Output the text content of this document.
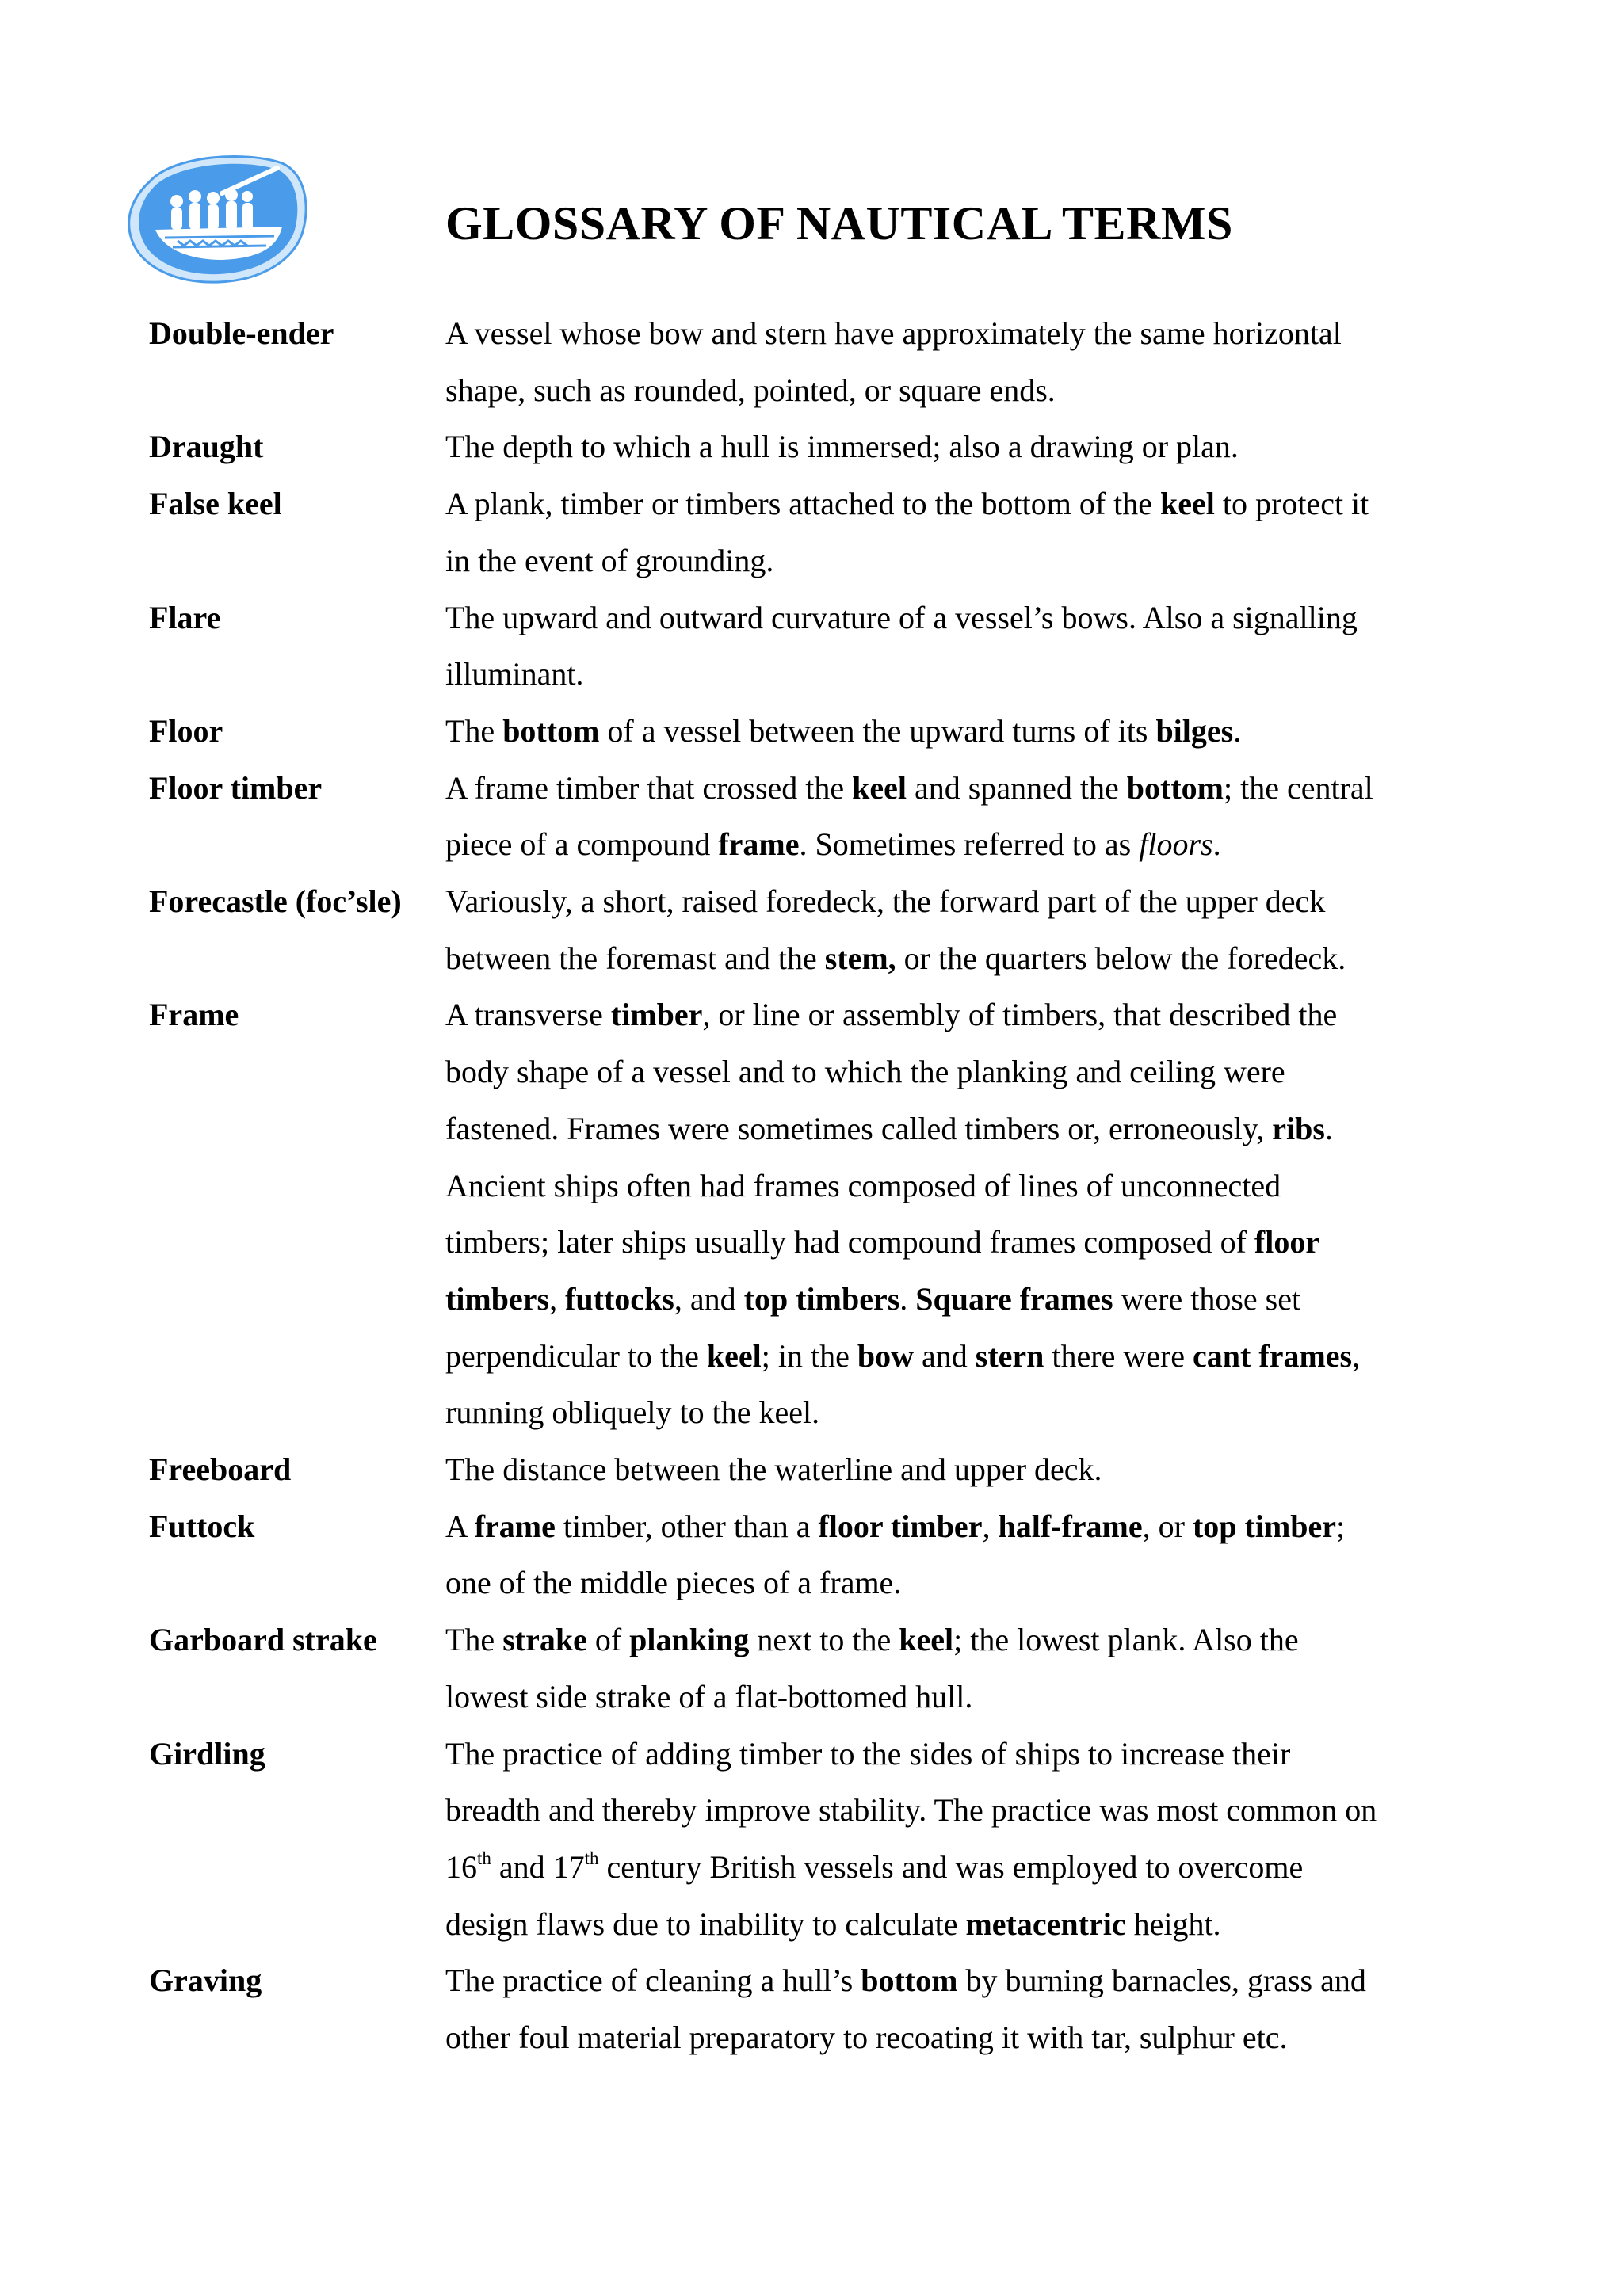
GLOSSARY OF NAUTICAL TERMS
Double-ender	A vessel whose bow and stern have approximately the same horizontal shape, such as rounded, pointed, or square ends.
Draught	The depth to which a hull is immersed; also a drawing or plan.
False keel	A plank, timber or timbers attached to the bottom of the keel to protect it in the event of grounding.
Flare	The upward and outward curvature of a vessel’s bows. Also a signalling illuminant.
Floor	The bottom of a vessel between the upward turns of its bilges.
Floor timber	A frame timber that crossed the keel and spanned the bottom; the central piece of a compound frame. Sometimes referred to as floors.
Forecastle (foc’sle)	Variously, a short, raised foredeck, the forward part of the upper deck between the foremast and the stem, or the quarters below the foredeck.
Frame	A transverse timber, or line or assembly of timbers, that described the body shape of a vessel and to which the planking and ceiling were fastened. Frames were sometimes called timbers or, erroneously, ribs. Ancient ships often had frames composed of lines of unconnected timbers; later ships usually had compound frames composed of floor timbers, futtocks, and top timbers. Square frames were those set perpendicular to the keel; in the bow and stern there were cant frames, running obliquely to the keel.
Freeboard	The distance between the waterline and upper deck.
Futtock	A frame timber, other than a floor timber, half-frame, or top timber; one of the middle pieces of a frame.
Garboard strake	The strake of planking next to the keel; the lowest plank. Also the lowest side strake of a flat-bottomed hull.
Girdling	The practice of adding timber to the sides of ships to increase their breadth and thereby improve stability. The practice was most common on 16th and 17th century British vessels and was employed to overcome design flaws due to inability to calculate metacentric height.
Graving	The practice of cleaning a hull’s bottom by burning barnacles, grass and other foul material preparatory to recoating it with tar, sulphur etc.
